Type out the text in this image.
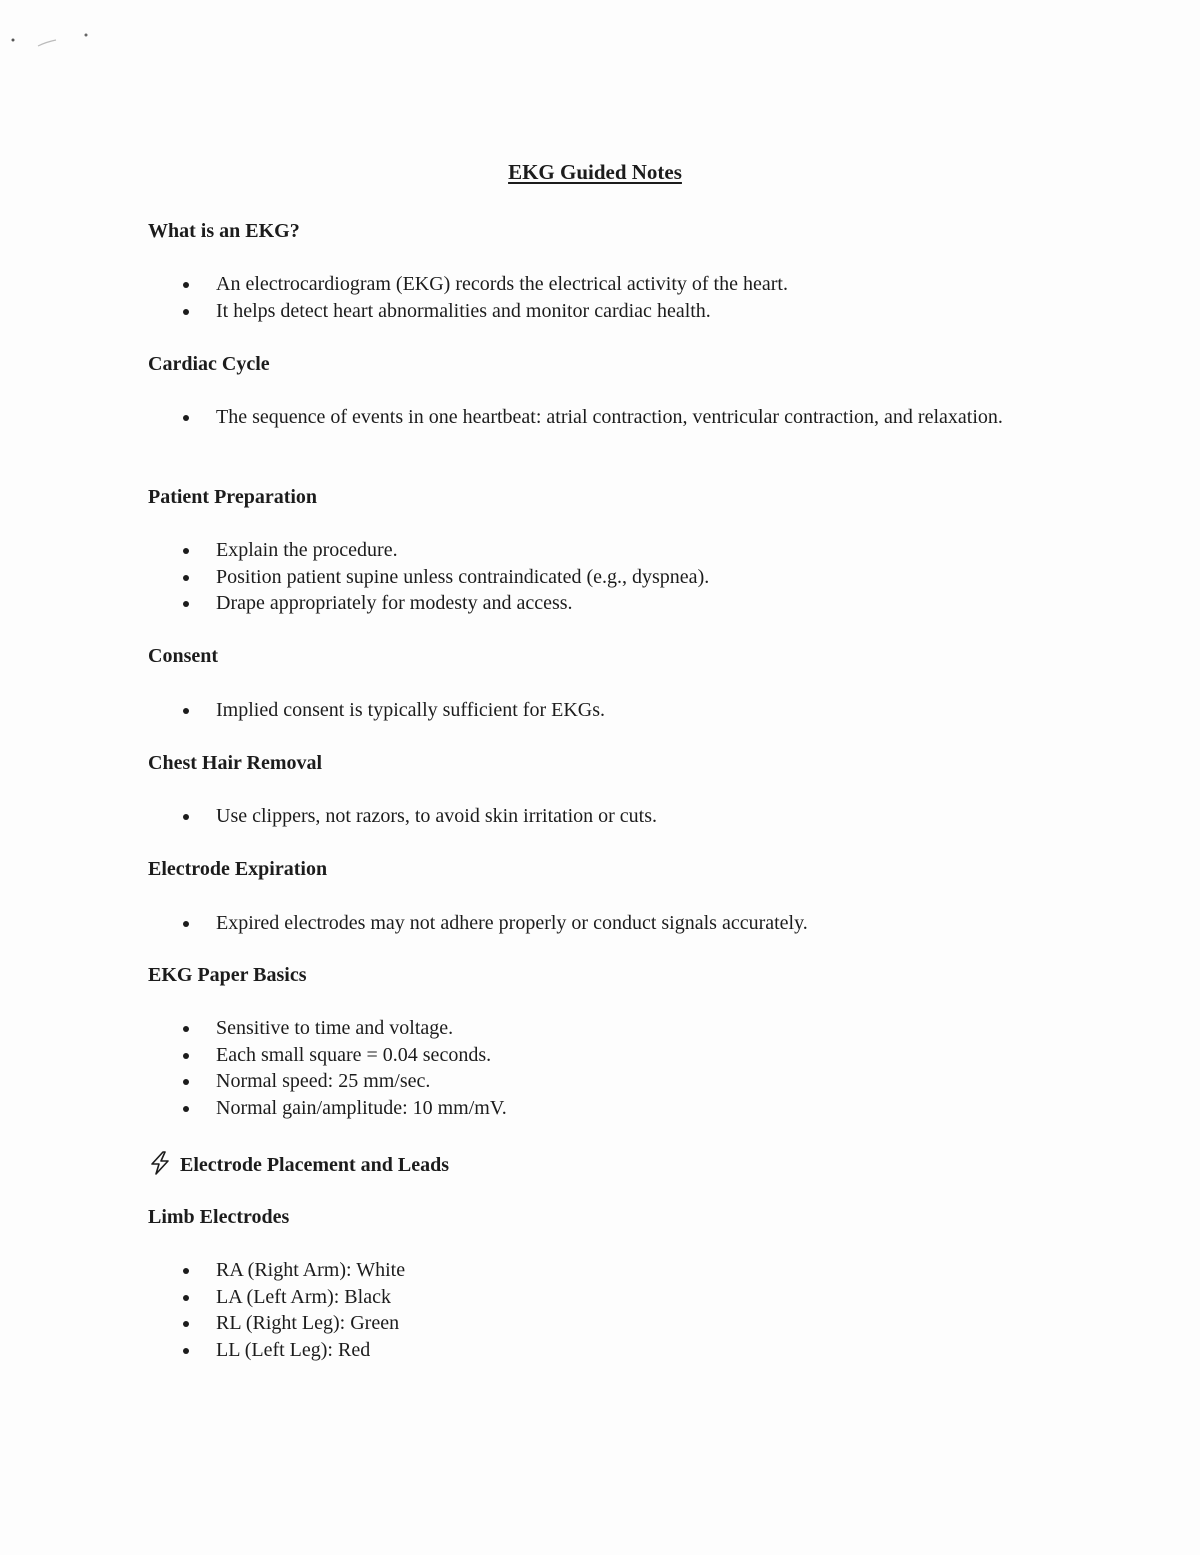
EKG Guided Notes
What is an EKG?
An electrocardiogram (EKG) records the electrical activity of the heart.
It helps detect heart abnormalities and monitor cardiac health.
Cardiac Cycle
The sequence of events in one heartbeat: atrial contraction, ventricular contraction, and relaxation.
Patient Preparation
Explain the procedure.
Position patient supine unless contraindicated (e.g., dyspnea).
Drape appropriately for modesty and access.
Consent
Implied consent is typically sufficient for EKGs.
Chest Hair Removal
Use clippers, not razors, to avoid skin irritation or cuts.
Electrode Expiration
Expired electrodes may not adhere properly or conduct signals accurately.
EKG Paper Basics
Sensitive to time and voltage.
Each small square = 0.04 seconds.
Normal speed: 25 mm/sec.
Normal gain/amplitude: 10 mm/mV.
Electrode Placement and Leads
Limb Electrodes
RA (Right Arm): White
LA (Left Arm): Black
RL (Right Leg): Green
LL (Left Leg): Red
